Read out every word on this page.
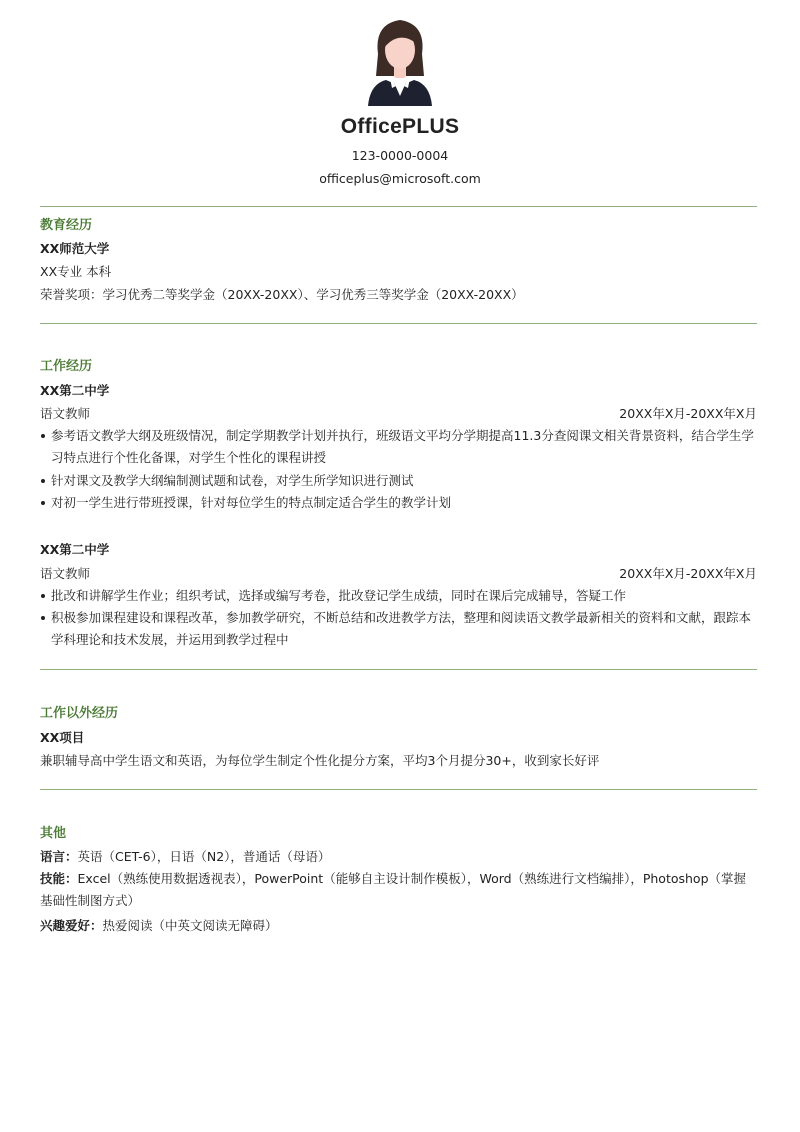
OfficePLUS
123-0000-0004
officeplus@microsoft.com
教育经历
XX师范大学
XX专业 本科
荣誉奖项：学习优秀二等奖学金（20XX-20XX）、学习优秀三等奖学金（20XX-20XX）
工作经历
XX第二中学
语文教师	20XX年X月-20XX年X月
参考语文教学大纲及班级情况，制定学期教学计划并执行，班级语文平均分学期提高11.3分查阅课文相关背景资料，结合学生学习特点进行个性化备课，对学生个性化的课程讲授
针对课文及教学大纲编制测试题和试卷，对学生所学知识进行测试
对初一学生进行带班授课，针对每位学生的特点制定适合学生的教学计划
XX第二中学
语文教师	20XX年X月-20XX年X月
批改和讲解学生作业；组织考试，选择或编写考卷，批改登记学生成绩，同时在课后完成辅导，答疑工作
积极参加课程建设和课程改革，参加教学研究，不断总结和改进教学方法，整理和阅读语文教学最新相关的资料和文献，跟踪本学科理论和技术发展，并运用到教学过程中
工作以外经历
XX项目
兼职辅导高中学生语文和英语，为每位学生制定个性化提分方案，平均3个月提分30+，收到家长好评
其他
语言：英语（CET-6），日语（N2），普通话（母语）
技能：Excel（熟练使用数据透视表），PowerPoint（能够自主设计制作模板），Word（熟练进行文档编排），Photoshop（掌握基础性制图方式）
兴趣爱好：热爱阅读（中英文阅读无障碍）
